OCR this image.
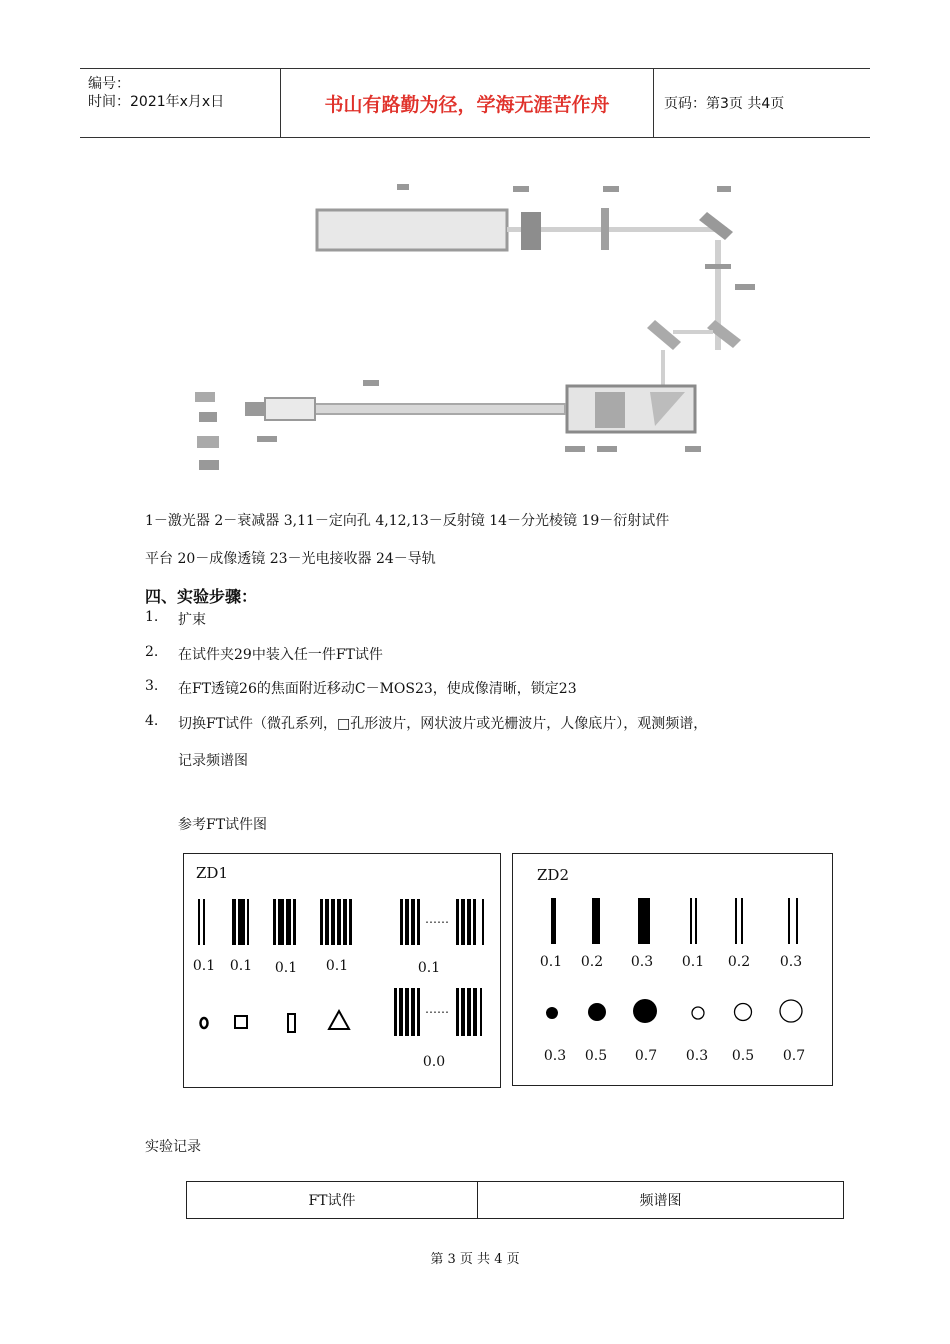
编号：
时间：2021年x月x日	书山有路勤为径，学海无涯苦作舟	页码：第3页 共4页
1－激光器 2－衰减器 3,11－定向孔 4,12,13－反射镜 14－分光棱镜 19－衍射试件
平台 20－成像透镜 23－光电接收器 24－导轨
四、实验步骤：
1. 扩束
2. 在试件夹29中装入任一件FT试件
3. 在FT透镜26的焦面附近移动C－MOS23，使成像清晰，锁定23
4. 切换FT试件（微孔系列，□孔形波片，网状波片或光栅波片，人像底片），观测频谱，
记录频谱图
参考FT试件图
ZD1
……
……
0.1	0.1	0.1	0.1	0.1
0.0
ZD2
0.1	0.2	0.3	0.1	0.2	0.3
0.3	0.5	0.7	0.3	0.5	0.7
实验记录
FT试件	频谱图
第 3 页 共 4 页
